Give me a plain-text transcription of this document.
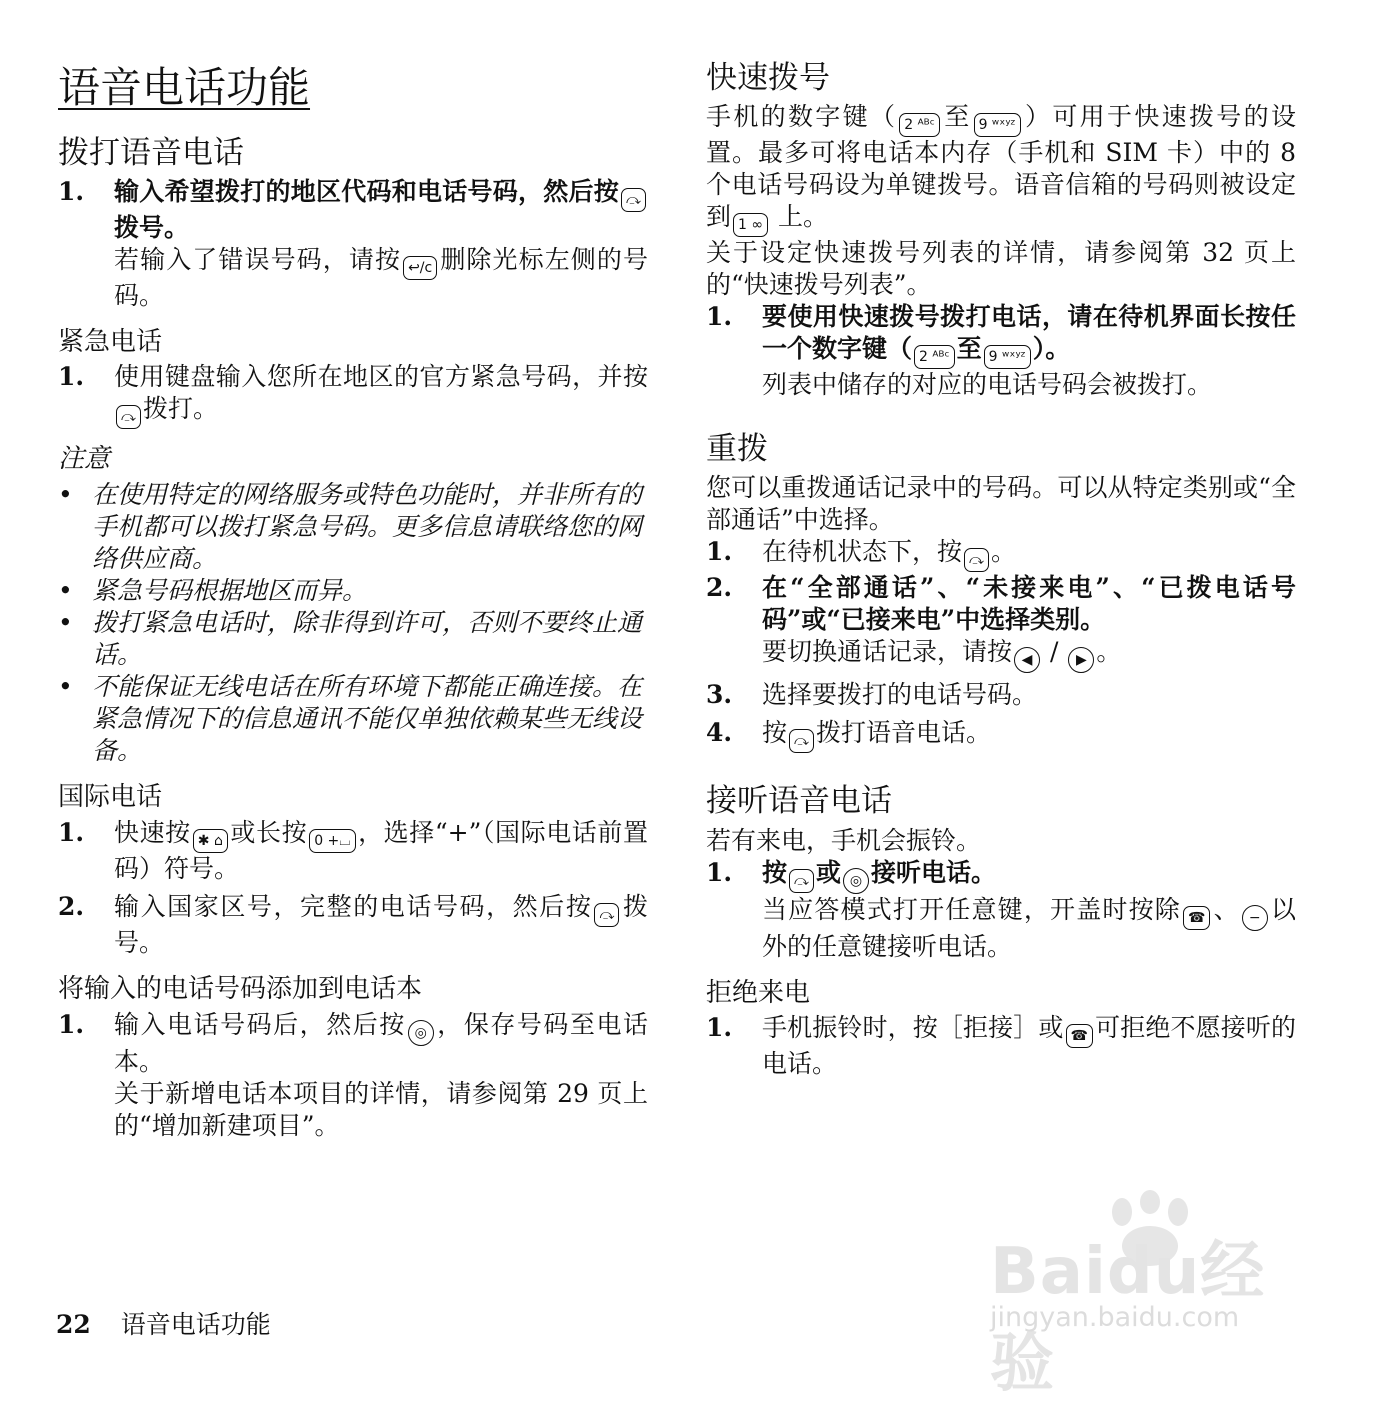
语音电话功能
拨打语音电话
1.	输入希望拨打的地区代码和电话号码，然后按 ⤼拨号。
若输入了错误号码，请按 ↩/c 删除光标左侧的号码。
紧急电话
1.	使用键盘输入您所在地区的官方紧急号码，并按⤼ 拨打。
注意
• 在使用特定的网络服务或特色功能时，并非所有的手机都可以拨打紧急号码。更多信息请联络您的网络供应商。
• 紧急号码根据地区而异。
• 拨打紧急电话时，除非得到许可，否则不要终止通话。
• 不能保证无线电话在所有环境下都能正确连接。在紧急情况下的信息通讯不能仅单独依赖某些无线设备。
国际电话
1.	快速按 ✱ ⌂ 或长按 0 +⌴ ，选择“+”（国际电话前置码）符号。
2.	输入国家区号，完整的电话号码，然后按 ⤼ 拨号。
将输入的电话号码添加到电话本
1.	输入电话号码后，然后按 ◎ ，保存号码至电话本。
关于新增电话本项目的详情，请参阅第 29 页上的“增加新建项目”。
快速拨号

手机的数字键（ 2 ᴬᴮᶜ 至 9 ʷˣʸᶻ ）可用于快速拨号的设置。最多可将电话本内存（手机和 SIM 卡）中的 8 个电话号码设为单键拨号。语音信箱的号码则被设定到 1 ∞ 上。

关于设定快速拨号列表的详情，请参阅第 32 页上的“快速拨号列表”。

1.	要使用快速拨号拨打电话，请在待机界面长按任一个数字键（ 2 ᴬᴮᶜ 至 9 ʷˣʸᶻ ）。
列表中储存的对应的电话号码会被拨打。
重拨

您可以重拨通话记录中的号码。可以从特定类别或“全部通话”中选择。

1.	在待机状态下，按 ⤼ 。
2.	在“全部通话”、“未接来电”、“已拨电话号码”或“已接来电”中选择类别。
要切换通话记录，请按 ◀ / ▶ 。
3.	选择要拨打的电话号码。
4.	按 ⤼ 拨打语音电话。
接听语音电话

若有来电，手机会振铃。

1.	按 ⤼ 或 ◎ 接听电话。
当应答模式打开任意键，开盖时按除 ☎ 、 − 以外的任意键接听电话。
拒绝来电
1.	手机振铃时，按［拒接］或 ☎ 可拒绝不愿接听的电话。
22 语音电话功能
Baidu经验
jingyan.baidu.com
